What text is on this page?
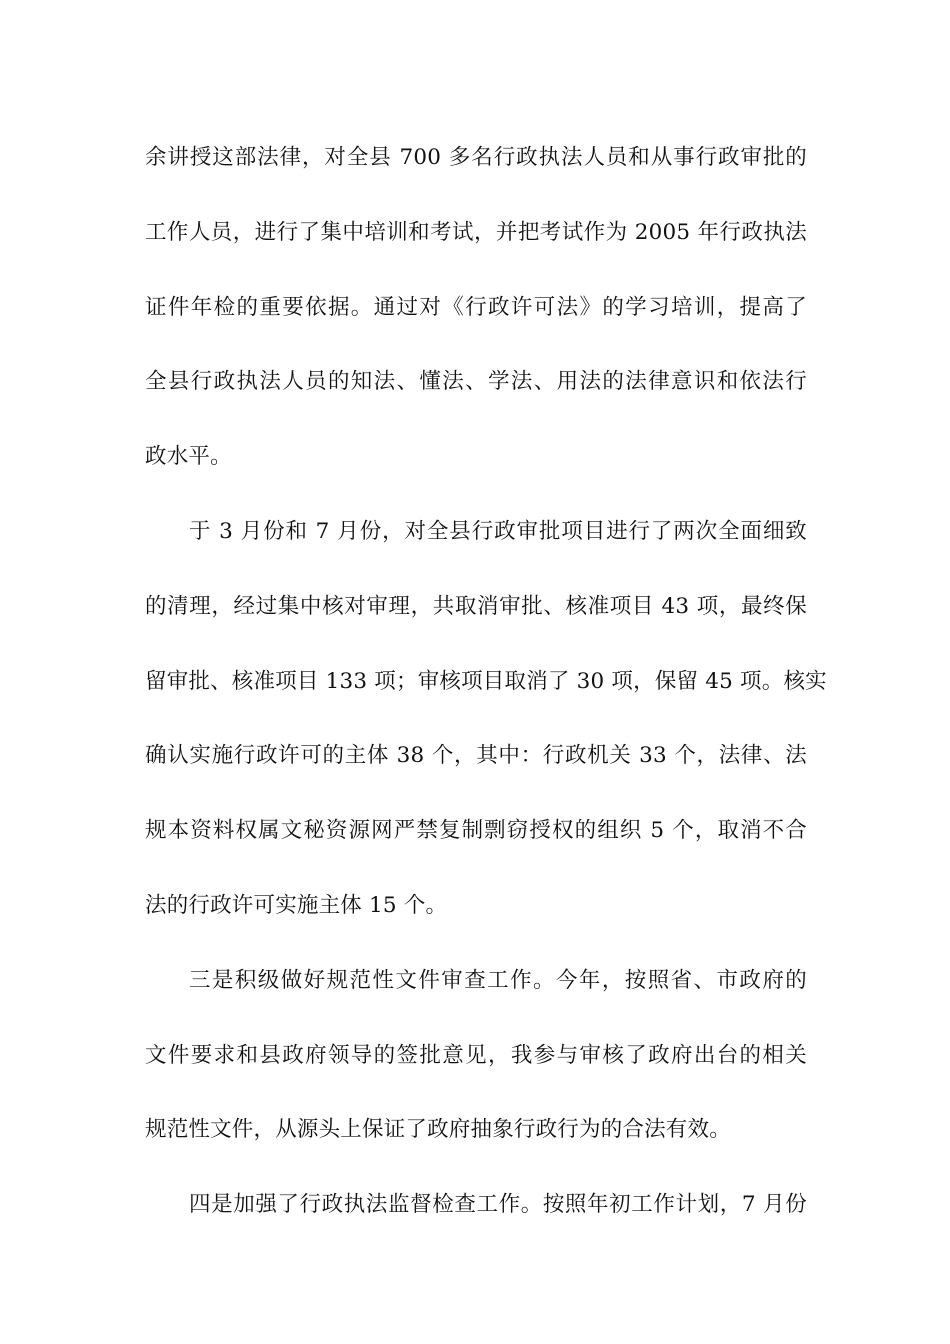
余讲授这部法律，对全县 700 多名行政执法人员和从事行政审批的
工作人员，进行了集中培训和考试，并把考试作为 2005 年行政执法
证件年检的重要依据。通过对《行政许可法》的学习培训，提高了
全县行政执法人员的知法、懂法、学法、用法的法律意识和依法行
政水平。
于 3 月份和 7 月份，对全县行政审批项目进行了两次全面细致
的清理，经过集中核对审理，共取消审批、核准项目 43 项，最终保
留审批、核准项目 133 项；审核项目取消了 30 项，保留 45 项。核实
确认实施行政许可的主体 38 个，其中：行政机关 33 个，法律、法
规本资料权属文秘资源网严禁复制剽窃授权的组织 5 个，取消不合
法的行政许可实施主体 15 个。
三是积级做好规范性文件审查工作。今年，按照省、市政府的
文件要求和县政府领导的签批意见，我参与审核了政府出台的相关
规范性文件，从源头上保证了政府抽象行政行为的合法有效。
四是加强了行政执法监督检查工作。按照年初工作计划，7 月份
